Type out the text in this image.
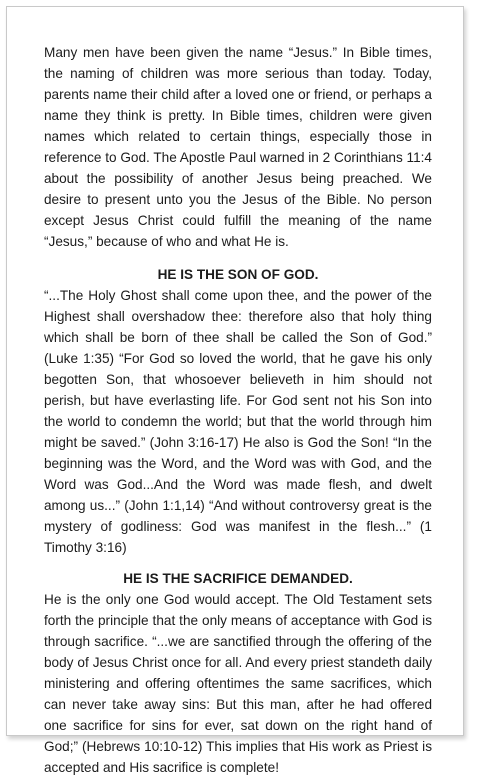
Many men have been given the name “Jesus.” In Bible times, the naming of children was more serious than today. Today, parents name their child after a loved one or friend, or perhaps a name they think is pretty. In Bible times, children were given names which related to certain things, especially those in reference to God. The Apostle Paul warned in 2 Corinthians 11:4 about the possibility of another Jesus being preached. We desire to present unto you the Jesus of the Bible. No person except Jesus Christ could fulfill the meaning of the name “Jesus,” because of who and what He is.

HE IS THE SON OF GOD.

“...The Holy Ghost shall come upon thee, and the power of the Highest shall overshadow thee: therefore also that holy thing which shall be born of thee shall be called the Son of God.” (Luke 1:35) “For God so loved the world, that he gave his only begotten Son, that whosoever believeth in him should not perish, but have everlasting life. For God sent not his Son into the world to condemn the world; but that the world through him might be saved.” (John 3:16-17) He also is God the Son! “In the beginning was the Word, and the Word was with God, and the Word was God...And the Word was made flesh, and dwelt among us...” (John 1:1,14) “And without controversy great is the mystery of godliness: God was manifest in the flesh...” (1 Timothy 3:16)

HE IS THE SACRIFICE DEMANDED.

He is the only one God would accept. The Old Testament sets forth the principle that the only means of acceptance with God is through sacrifice. “...we are sanctified through the offering of the body of Jesus Christ once for all. And every priest standeth daily ministering and offering oftentimes the same sacrifices, which can never take away sins: But this man, after he had offered one sacrifice for sins for ever, sat down on the right hand of God;” (Hebrews 10:10-12) This implies that His work as Priest is accepted and His sacrifice is complete!
